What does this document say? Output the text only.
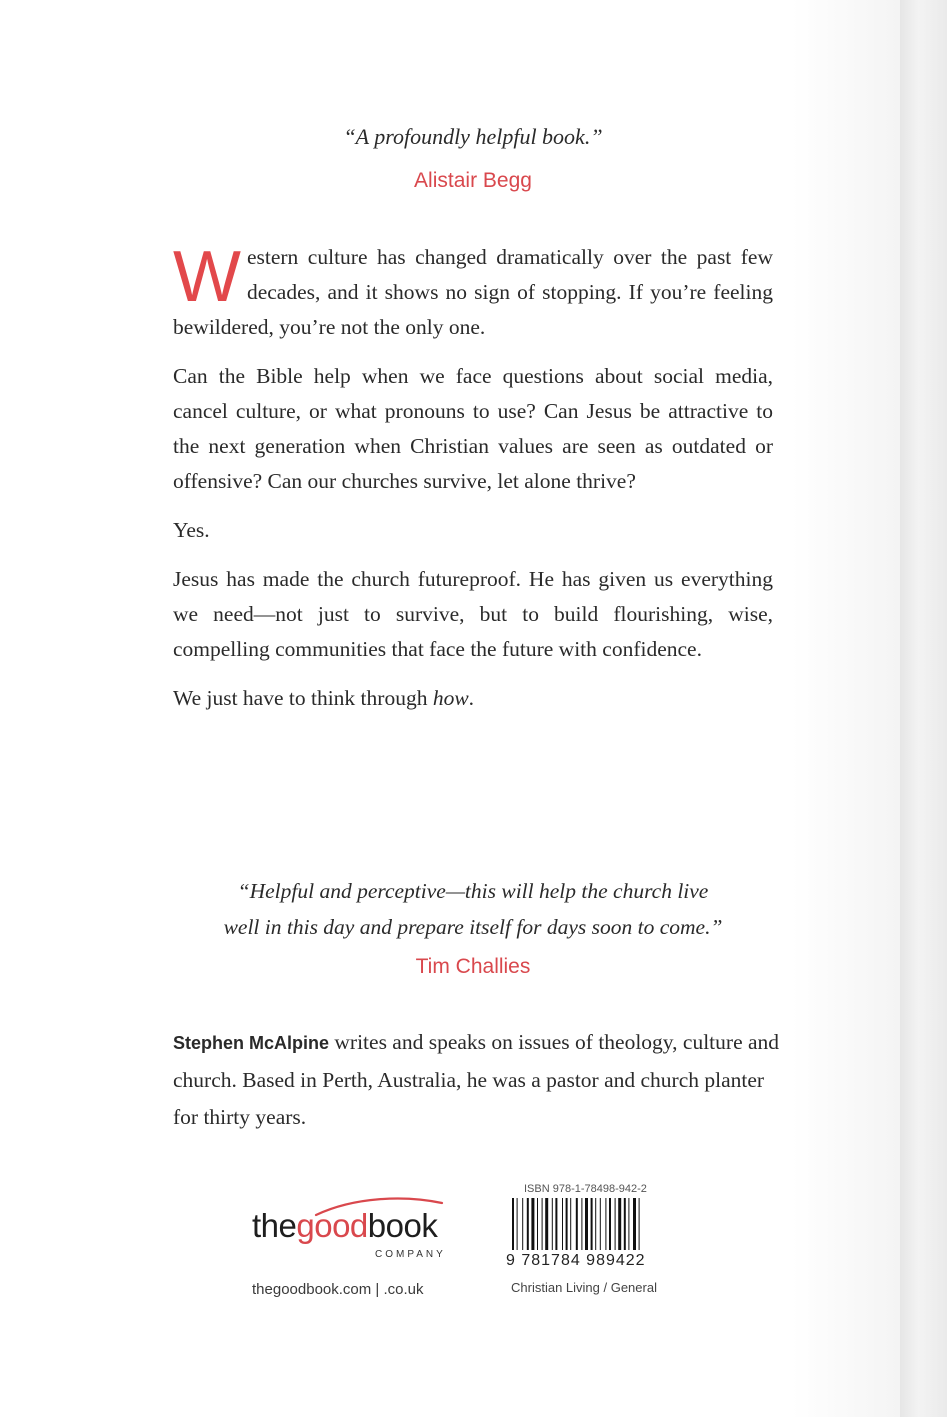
“A profoundly helpful book.”
Alistair Begg

Western culture has changed dramatically over the past few decades, and it shows no sign of stopping. If you’re feeling bewildered, you’re not the only one.

Can the Bible help when we face questions about social media, cancel culture, or what pronouns to use? Can Jesus be attractive to the next generation when Christian values are seen as outdated or offensive? Can our churches survive, let alone thrive?

Yes.

Jesus has made the church futureproof. He has given us everything we need—not just to survive, but to build flourishing, wise, compelling communities that face the future with confidence.

We just have to think through how.

“Helpful and perceptive—this will help the church live
well in this day and prepare itself for days soon to come.”
Tim Challies
Stephen McAlpine writes and speaks on issues of theology, culture and church. Based in Perth, Australia, he was a pastor and church planter for thirty years.
thegoodbook
COMPANY
thegoodbook.com | .co.uk
ISBN 978-1-78498-942-2
9 781784 989422
Christian Living / General
